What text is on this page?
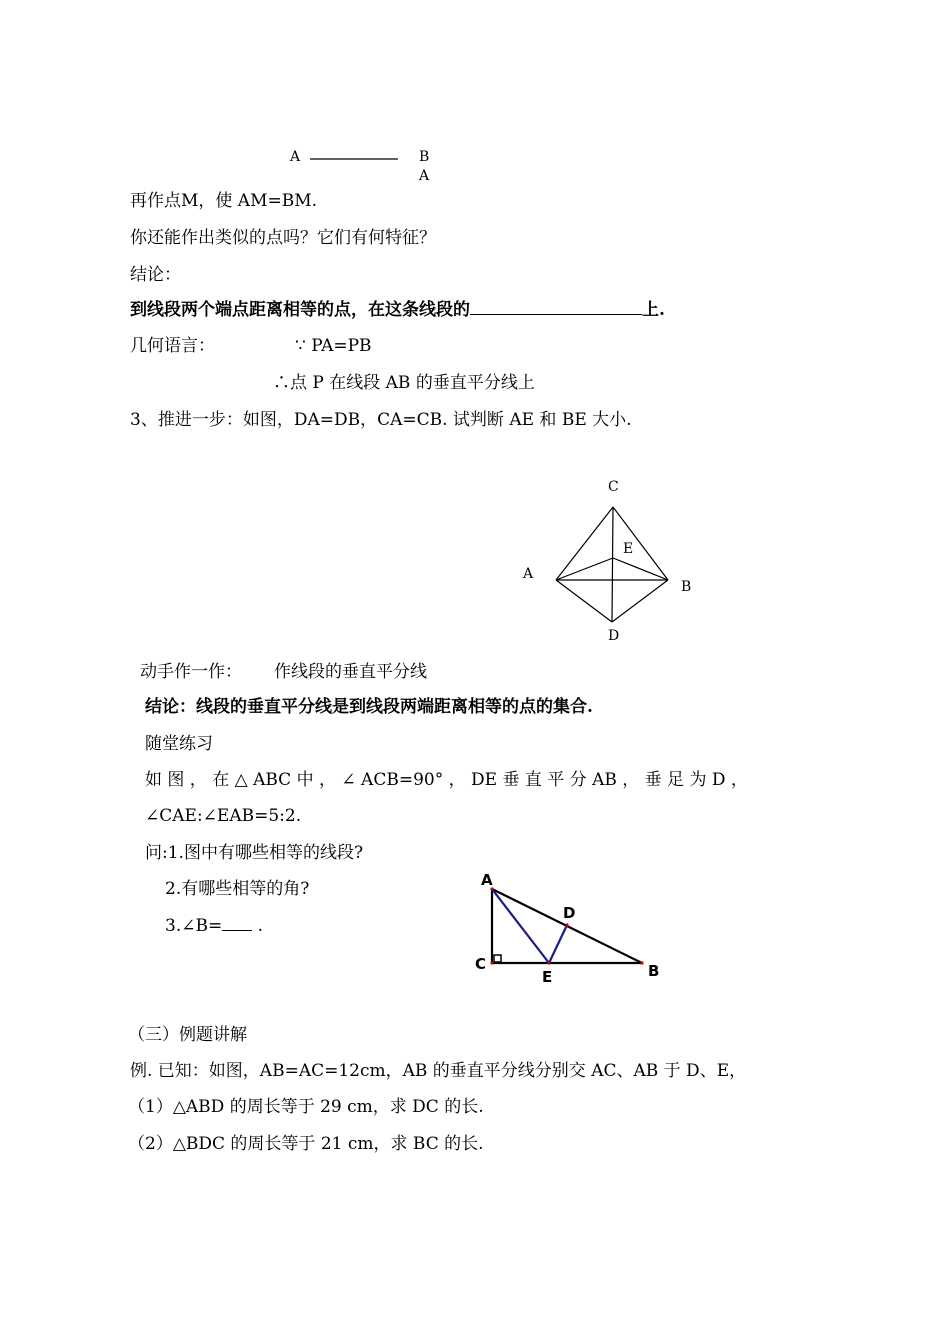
A	B
A
再作点M，使 AM=BM.
你还能作出类似的点吗？它们有何特征？
结论：
到线段两个端点距离相等的点，在这条线段的	上.
几何语言：	∵ PA=PB
∴点 P 在线段 AB 的垂直平分线上
3、推进一步：如图，DA=DB，CA=CB. 试判断 AE 和 BE 大小.
C
E
A
B
D
动手作一作： 作线段的垂直平分线
结论：线段的垂直平分线是到线段两端距离相等的点的集合.
随堂练习
如 图 ， 在 △ ABC 中 ， ∠ ACB=90° ， DE 垂 直 平 分 AB ， 垂 足 为 D ，
∠CAE:∠EAB=5:2.
问:1.图中有哪些相等的线段?
2.有哪些相等的角?
3.∠B= .
A
D
C
E	B
（三）例题讲解
例. 已知：如图，AB=AC=12cm，AB 的垂直平分线分别交 AC、AB 于 D、E，
（1）△ABD 的周长等于 29 cm，求 DC 的长.
（2）△BDC 的周长等于 21 cm，求 BC 的长.
